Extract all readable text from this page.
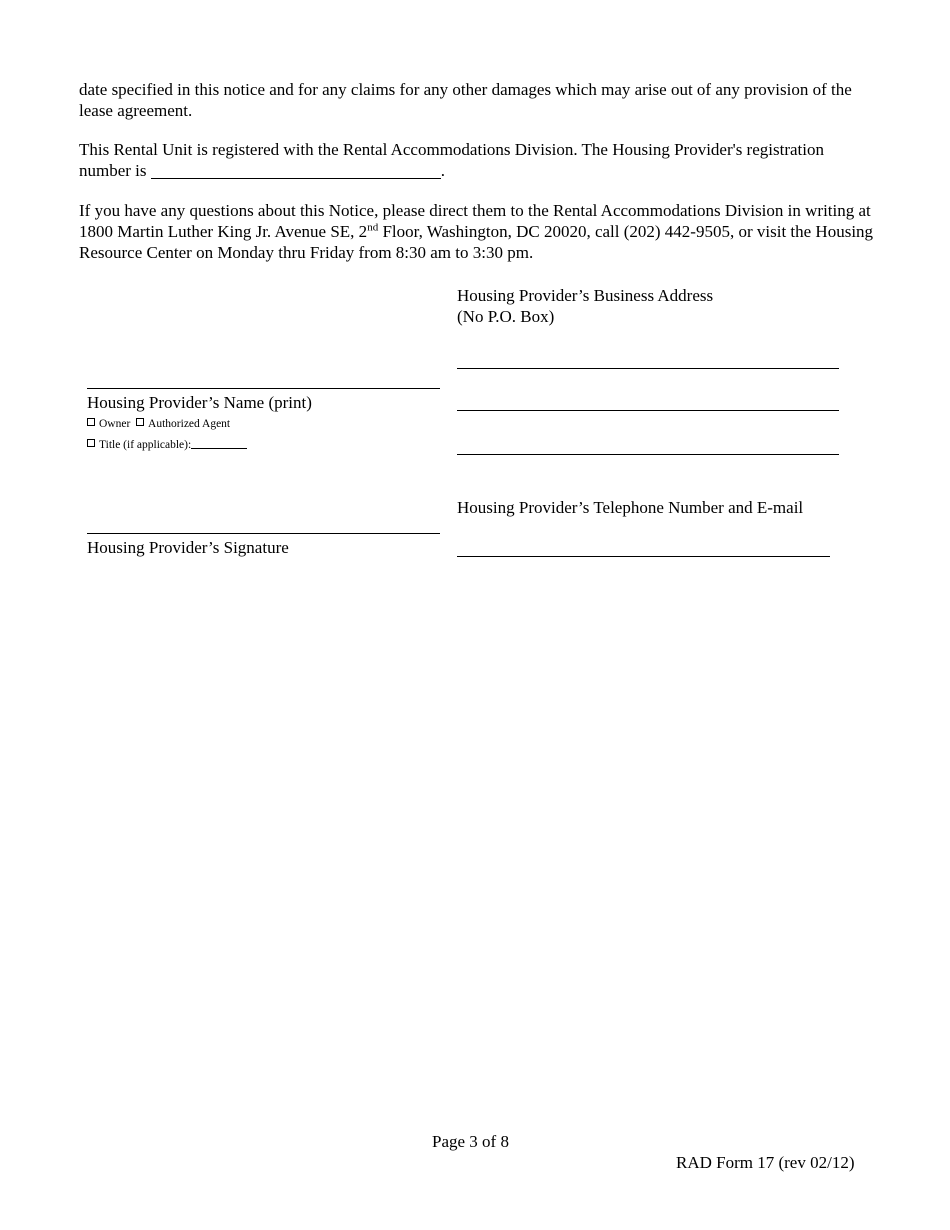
date specified in this notice and for any claims for any other damages which may arise out of any provision of the lease agreement.

This Rental Unit is registered with the Rental Accommodations Division. The Housing Provider's registration number is	.

If you have any questions about this Notice, please direct them to the Rental Accommodations Division in writing at 1800 Martin Luther King Jr. Avenue SE, 2nd Floor, Washington, DC 20020, call (202) 442-9505, or visit the Housing Resource Center on Monday thru Friday from 8:30 am to 3:30 pm.

Housing Provider’s Business Address
(No P.O. Box)
Housing Provider’s Name (print)
Owner Authorized Agent
Title (if applicable):
Housing Provider’s Telephone Number and E-mail
Housing Provider’s Signature
Page 3 of 8
RAD Form 17 (rev 02/12)
